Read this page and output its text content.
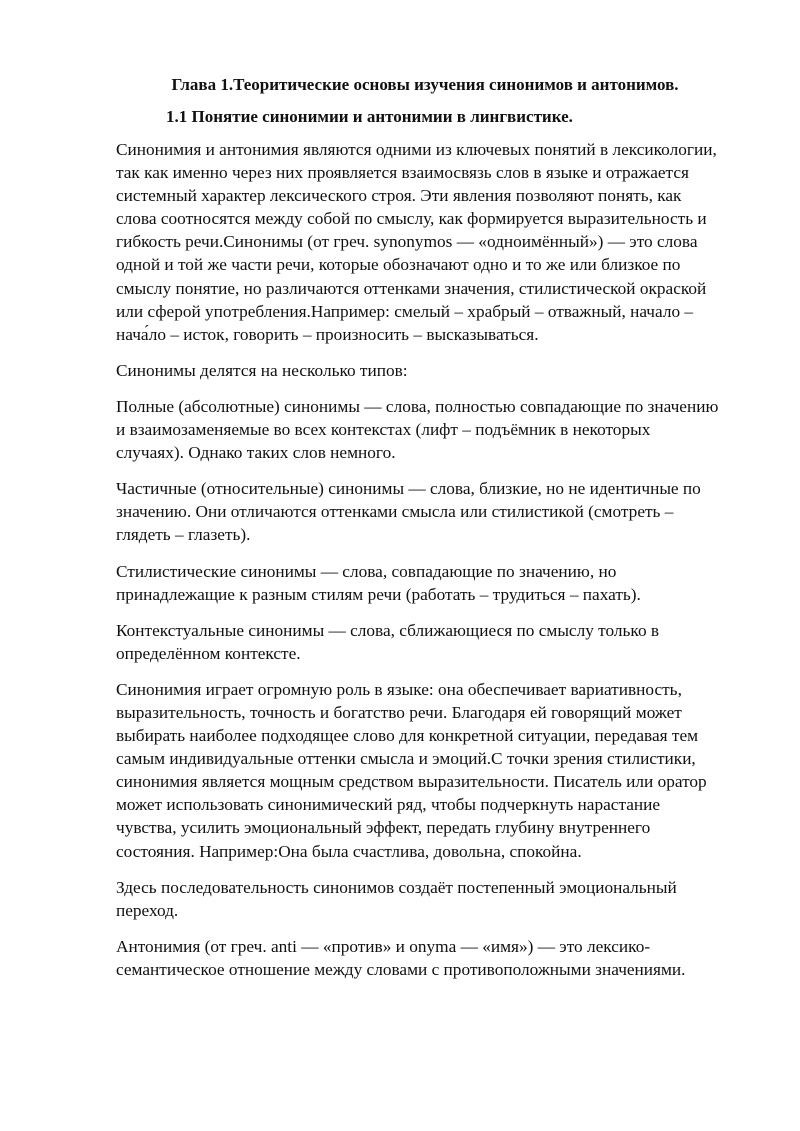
Глава 1.Теоритические основы изучения синонимов и антонимов.
1.1 Понятие синонимии и антонимии в лингвистике.

Синонимия и антонимия являются одними из ключевых понятий в лексикологии, так как именно через них проявляется взаимосвязь слов в языке и отражается системный характер лексического строя. Эти явления позволяют понять, как слова соотносятся между собой по смыслу, как формируется выразительность и гибкость речи.Синонимы (от греч. synonymos — «одноимённый») — это слова одной и той же части речи, которые обозначают одно и то же или близкое по смыслу понятие, но различаются оттенками значения, стилистической окраской или сферой употребления.Например: смелый – храбрый – отважный, начало – нача́ло – исток, говорить – произносить – высказываться.

Синонимы делятся на несколько типов:

Полные (абсолютные) синонимы — слова, полностью совпадающие по значению и взаимозаменяемые во всех контекстах (лифт – подъёмник в некоторых случаях). Однако таких слов немного.

Частичные (относительные) синонимы — слова, близкие, но не идентичные по значению. Они отличаются оттенками смысла или стилистикой (смотреть – глядеть – глазеть).

Стилистические синонимы — слова, совпадающие по значению, но принадлежащие к разным стилям речи (работать – трудиться – пахать).

Контекстуальные синонимы — слова, сближающиеся по смыслу только в определённом контексте.

Синонимия играет огромную роль в языке: она обеспечивает вариативность, выразительность, точность и богатство речи. Благодаря ей говорящий может выбирать наиболее подходящее слово для конкретной ситуации, передавая тем самым индивидуальные оттенки смысла и эмоций.С точки зрения стилистики, синонимия является мощным средством выразительности. Писатель или оратор может использовать синонимический ряд, чтобы подчеркнуть нарастание чувства, усилить эмоциональный эффект, передать глубину внутреннего состояния. Например:Она была счастлива, довольна, спокойна.

Здесь последовательность синонимов создаёт постепенный эмоциональный переход.

Антонимия (от греч. anti — «против» и onyma — «имя») — это лексико-семантическое отношение между словами с противоположными значениями.
